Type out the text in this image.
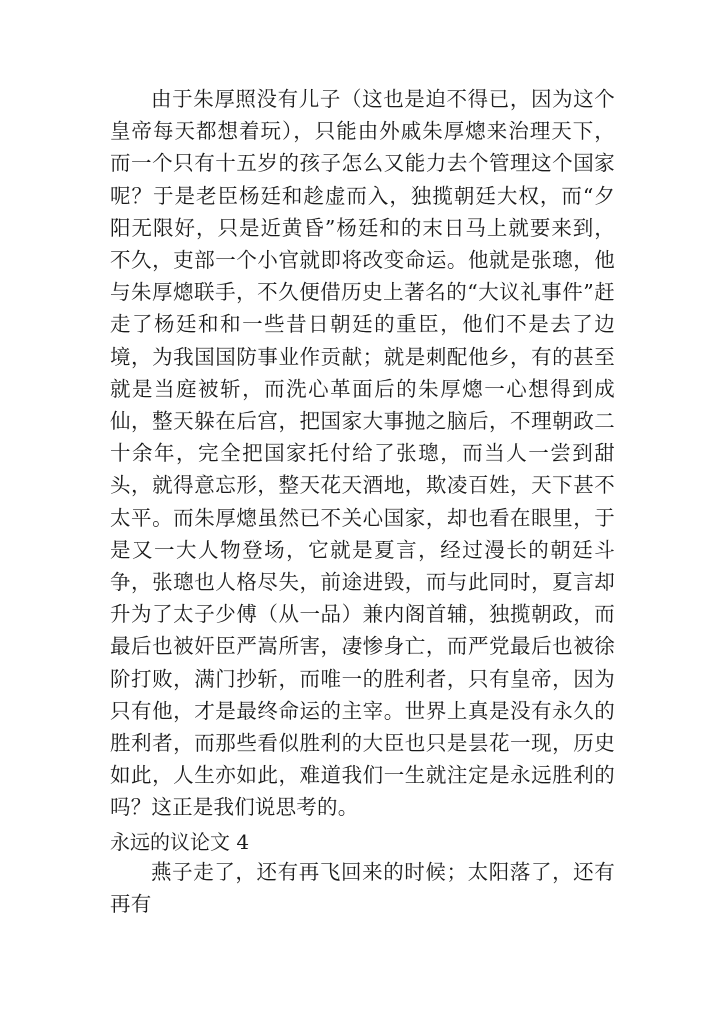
由于朱厚照没有儿子（这也是迫不得已，因为这个皇帝每天都想着玩），只能由外戚朱厚熜来治理天下，而一个只有十五岁的孩子怎么又能力去个管理这个国家呢？于是老臣杨廷和趁虚而入，独揽朝廷大权，而“夕阳无限好，只是近黄昏”杨廷和的末日马上就要来到，不久，吏部一个小官就即将改变命运。他就是张璁，他与朱厚熜联手，不久便借历史上著名的“大议礼事件”赶走了杨廷和和一些昔日朝廷的重臣，他们不是去了边境，为我国国防事业作贡献；就是刺配他乡，有的甚至就是当庭被斩，而洗心革面后的朱厚熜一心想得到成仙，整天躲在后宫，把国家大事抛之脑后，不理朝政二十余年，完全把国家托付给了张璁，而当人一尝到甜头，就得意忘形，整天花天酒地，欺凌百姓，天下甚不太平。而朱厚熜虽然已不关心国家，却也看在眼里，于是又一大人物登场，它就是夏言，经过漫长的朝廷斗争，张璁也人格尽失，前途进毁，而与此同时，夏言却升为了太子少傅（从一品）兼内阁首辅，独揽朝政，而最后也被奸臣严嵩所害，凄惨身亡，而严党最后也被徐阶打败，满门抄斩，而唯一的胜利者，只有皇帝，因为只有他，才是最终命运的主宰。世界上真是没有永久的胜利者，而那些看似胜利的大臣也只是昙花一现，历史如此，人生亦如此，难道我们一生就注定是永远胜利的吗？这正是我们说思考的。

永远的议论文 4

燕子走了，还有再飞回来的时候；太阳落了，还有再有
